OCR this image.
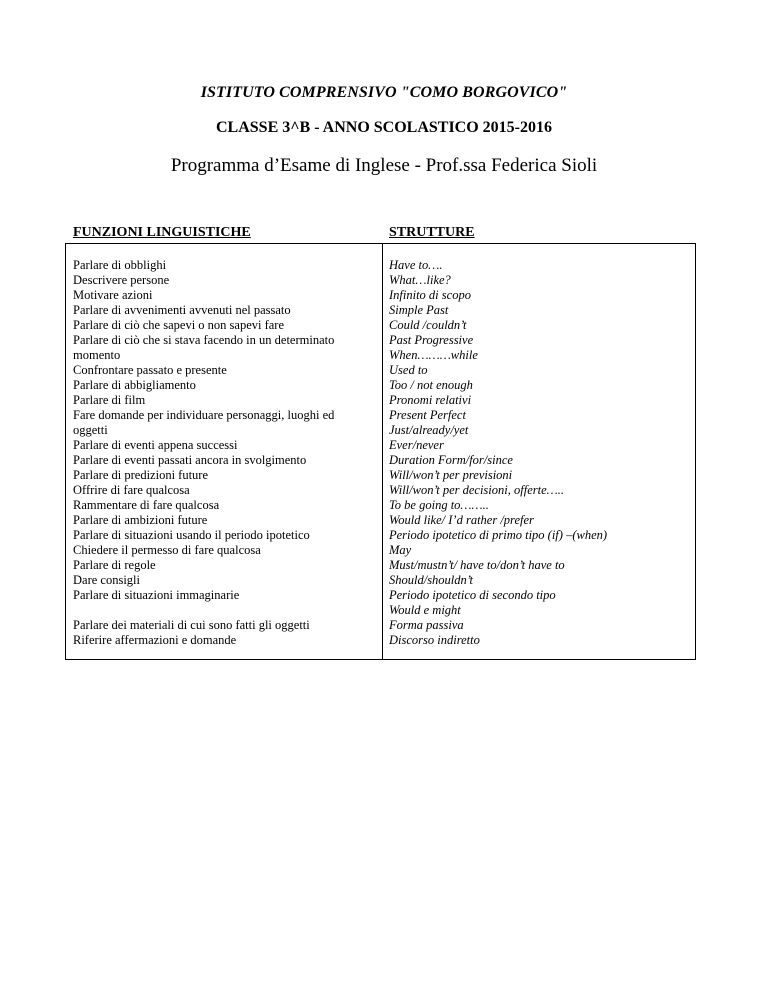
ISTITUTO COMPRENSIVO "COMO BORGOVICO"
CLASSE 3^B - ANNO SCOLASTICO 2015-2016
Programma d’Esame di Inglese - Prof.ssa Federica Sioli
FUNZIONI LINGUISTICHE	STRUTTURE
Parlare di obblighi
Descrivere persone
Motivare azioni
Parlare di avvenimenti avvenuti nel passato
Parlare di ciò che sapevi o non sapevi fare
Parlare di ciò che si stava facendo in un determinato
momento
Confrontare passato e presente
Parlare di abbigliamento
Parlare di film
Fare domande per individuare personaggi, luoghi ed
oggetti
Parlare di eventi appena successi
Parlare di eventi passati ancora in svolgimento
Parlare di predizioni future
Offrire di fare qualcosa
Rammentare di fare qualcosa
Parlare di ambizioni future
Parlare di situazioni usando il periodo ipotetico
Chiedere il permesso di fare qualcosa
Parlare di regole
Dare consigli
Parlare di situazioni immaginarie
Parlare dei materiali di cui sono fatti gli oggetti
Riferire affermazioni e domande
Have to….
What…like?
Infinito di scopo
Simple Past
Could /couldn’t
Past Progressive
When………while
Used to
Too / not enough
Pronomi relativi
Present Perfect
Just/already/yet
Ever/never
Duration Form/for/since
Will/won’t per previsioni
Will/won’t per decisioni, offerte…..
To be going to……..
Would like/ I’d rather /prefer
Periodo ipotetico di primo tipo (if) –(when)
May
Must/mustn’t/ have to/don’t have to
Should/shouldn’t
Periodo ipotetico di secondo tipo
Would e might
Forma passiva
Discorso indiretto
